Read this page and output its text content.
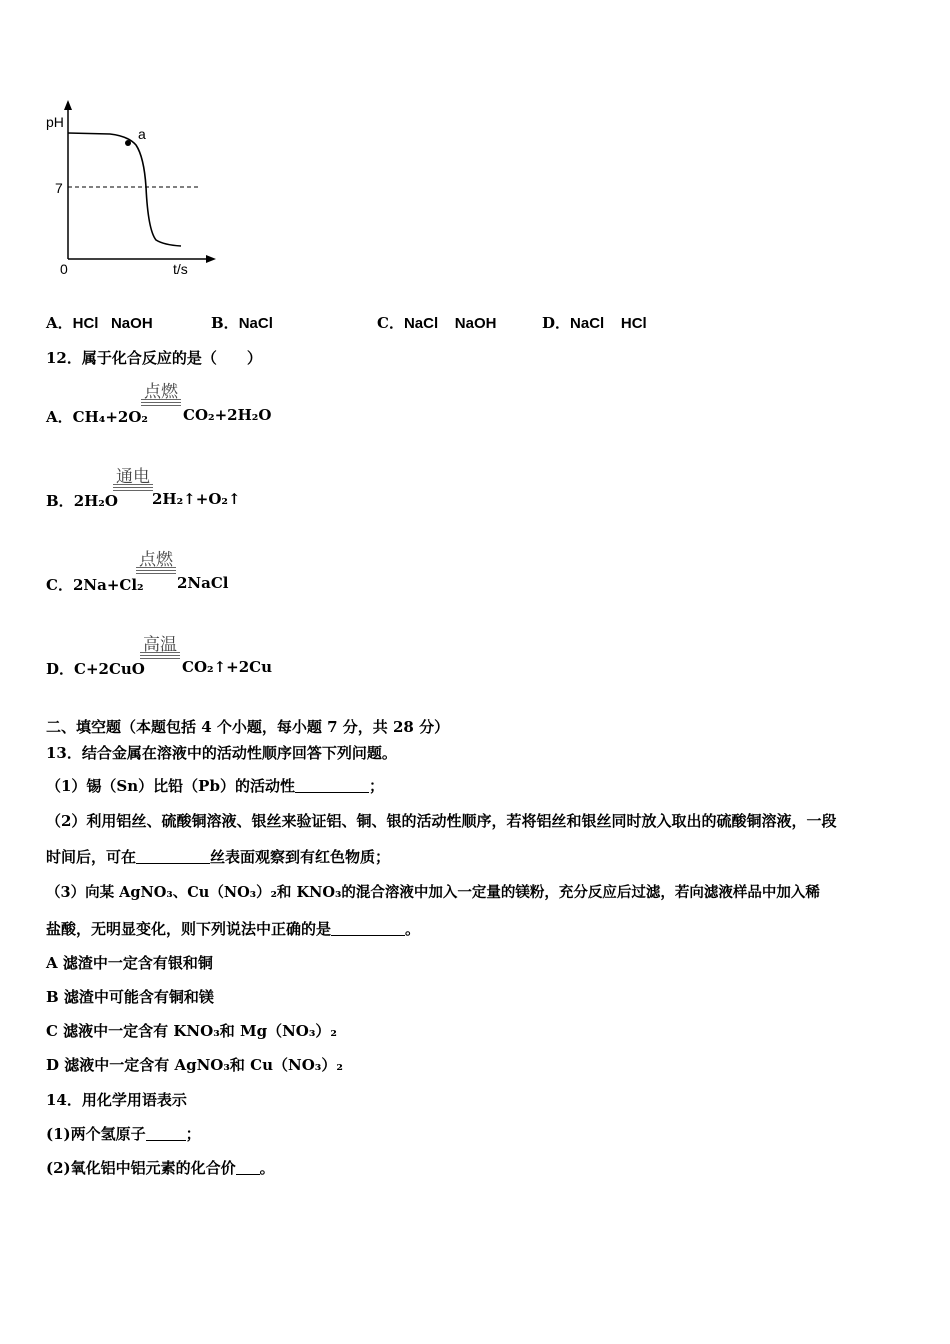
pH
a
7
0	t/s
A．HCl   NaOH	B．NaCl	C．NaCl    NaOH	D．NaCl    HCl
12．属于化合反应的是（　　）
A．CH₄+2O₂
点燃
CO₂+2H₂O
B．2H₂O
通电
2H₂↑+O₂↑
C．2Na+Cl₂
点燃
2NaCl
D．C+2CuO
高温
CO₂↑+2Cu
二、填空题（本题包括 4 个小题，每小题 7 分，共 28 分）
13．结合金属在溶液中的活动性顺序回答下列问题。
（1）锡（Sn）比铅（Pb）的活动性	；
（2）利用铝丝、硫酸铜溶液、银丝来验证铝、铜、银的活动性顺序，若将铝丝和银丝同时放入取出的硫酸铜溶液，一段
时间后，可在	丝表面观察到有红色物质；
（3）向某 AgNO₃、Cu（NO₃）₂和 KNO₃的混合溶液中加入一定量的镁粉，充分反应后过滤，若向滤液样品中加入稀
盐酸，无明显变化，则下列说法中正确的是	。
A 滤渣中一定含有银和铜
B 滤渣中可能含有铜和镁
C 滤液中一定含有 KNO₃和 Mg（NO₃）₂
D 滤液中一定含有 AgNO₃和 Cu（NO₃）₂
14．用化学用语表示
(1)两个氢原子	；
(2)氧化铝中铝元素的化合价 。
